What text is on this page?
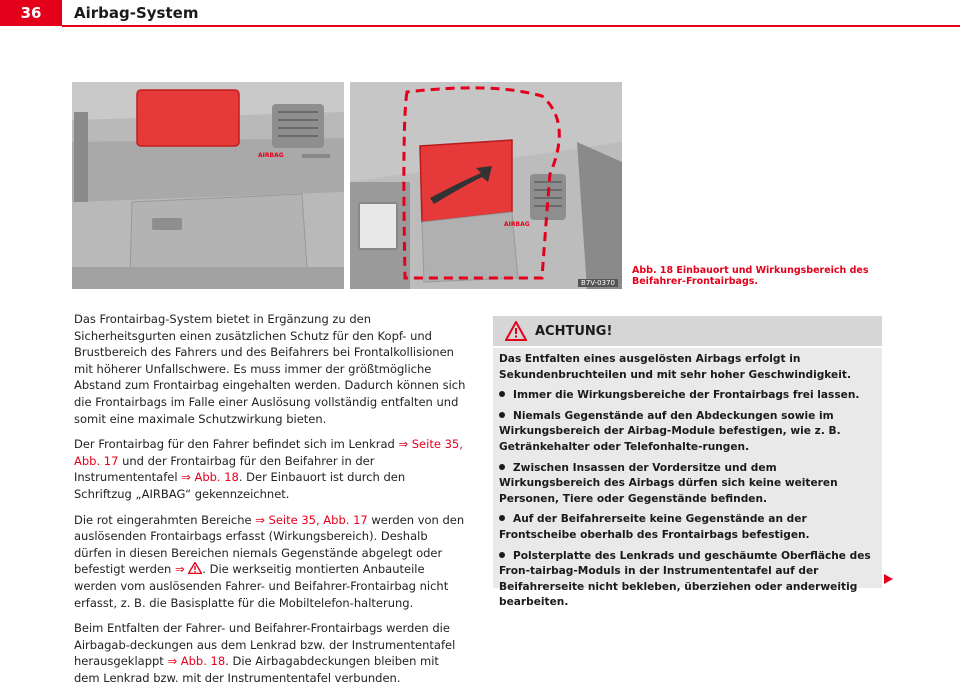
36	Airbag-System
AIRBAG
AIRBAG
B7V-0370
Abb. 18 Einbauort und Wirkungsbereich des Beifahrer-Frontairbags.

Das Frontairbag-System bietet in Ergänzung zu den Sicherheitsgurten einen zusätzlichen Schutz für den Kopf- und Brustbereich des Fahrers und des Beifahrers bei Frontalkollisionen mit höherer Unfallschwere. Es muss immer der größtmögliche Abstand zum Frontairbag eingehalten werden. Dadurch können sich die Frontairbags im Falle einer Auslösung vollständig entfalten und somit eine maximale Schutzwirkung bieten.

Der Frontairbag für den Fahrer befindet sich im Lenkrad ⇒ Seite 35, Abb. 17 und der Frontairbag für den Beifahrer in der Instrumententafel ⇒ Abb. 18. Der Einbauort ist durch den Schriftzug „AIRBAG“ gekennzeichnet.

Die rot eingerahmten Bereiche ⇒ Seite 35, Abb. 17 werden von den auslösenden Frontairbags erfasst (Wirkungsbereich). Deshalb dürfen in diesen Bereichen niemals Gegenstände abgelegt oder befestigt werden ⇒ . Die werkseitig montierten Anbauteile werden vom auslösenden Fahrer- und Beifahrer-Frontairbag nicht erfasst, z. B. die Basisplatte für die Mobiltelefon-halterung.

Beim Entfalten der Fahrer- und Beifahrer-Frontairbags werden die Airbagab-deckungen aus dem Lenkrad bzw. der Instrumententafel herausgeklappt ⇒ Abb. 18. Die Airbagabdeckungen bleiben mit dem Lenkrad bzw. mit der Instrumententafel verbunden.

ACHTUNG!

Das Entfalten eines ausgelösten Airbags erfolgt in Sekundenbruchteilen und mit sehr hoher Geschwindigkeit.

Immer die Wirkungsbereiche der Frontairbags frei lassen.

Niemals Gegenstände auf den Abdeckungen sowie im Wirkungsbereich der Airbag-Module befestigen, wie z. B. Getränkehalter oder Telefonhalte-rungen.

Zwischen Insassen der Vordersitze und dem Wirkungsbereich des Airbags dürfen sich keine weiteren Personen, Tiere oder Gegenstände befinden.

Auf der Beifahrerseite keine Gegenstände an der Frontscheibe oberhalb des Frontairbags befestigen.

Polsterplatte des Lenkrads und geschäumte Oberfläche des Fron-tairbag-Moduls in der Instrumententafel auf der Beifahrerseite nicht bekleben, überziehen oder anderweitig bearbeiten.
